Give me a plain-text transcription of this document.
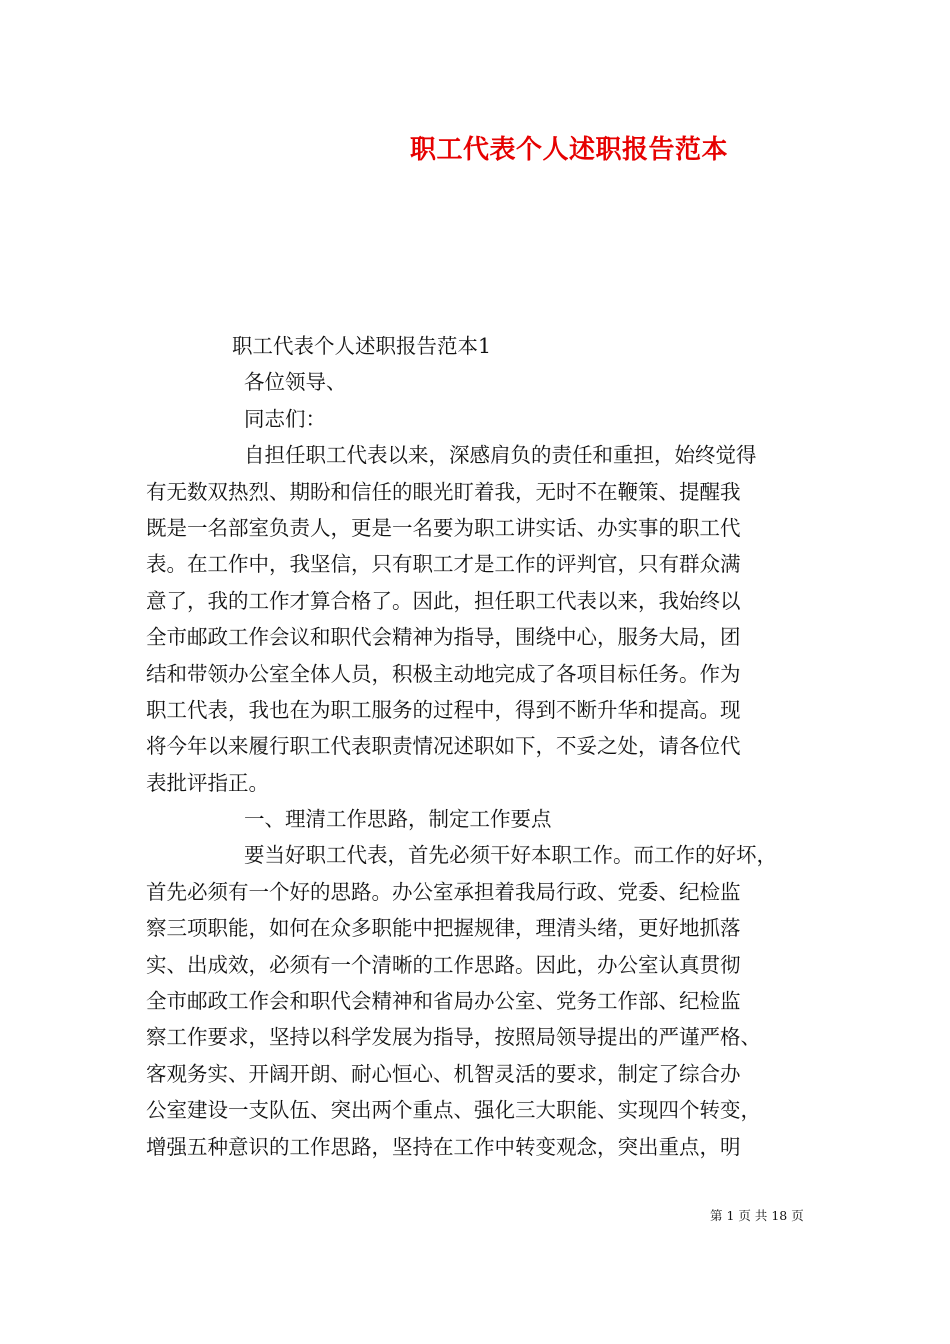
职工代表个人述职报告范本
职工代表个人述职报告范本1
各位领导、
同志们：
自担任职工代表以来，深感肩负的责任和重担，始终觉得
有无数双热烈、期盼和信任的眼光盯着我，无时不在鞭策、提醒我
既是一名部室负责人，更是一名要为职工讲实话、办实事的职工代
表。在工作中，我坚信，只有职工才是工作的评判官，只有群众满
意了，我的工作才算合格了。因此，担任职工代表以来，我始终以
全市邮政工作会议和职代会精神为指导，围绕中心，服务大局，团
结和带领办公室全体人员，积极主动地完成了各项目标任务。作为
职工代表，我也在为职工服务的过程中，得到不断升华和提高。现
将今年以来履行职工代表职责情况述职如下，不妥之处，请各位代
表批评指正。
一、理清工作思路，制定工作要点
要当好职工代表，首先必须干好本职工作。而工作的好坏，
首先必须有一个好的思路。办公室承担着我局行政、党委、纪检监
察三项职能，如何在众多职能中把握规律，理清头绪，更好地抓落
实、出成效，必须有一个清晰的工作思路。因此，办公室认真贯彻
全市邮政工作会和职代会精神和省局办公室、党务工作部、纪检监
察工作要求，坚持以科学发展为指导，按照局领导提出的严谨严格、
客观务实、开阔开朗、耐心恒心、机智灵活的要求，制定了综合办
公室建设一支队伍、突出两个重点、强化三大职能、实现四个转变，
增强五种意识的工作思路，坚持在工作中转变观念，突出重点，明
第 1 页 共 18 页
